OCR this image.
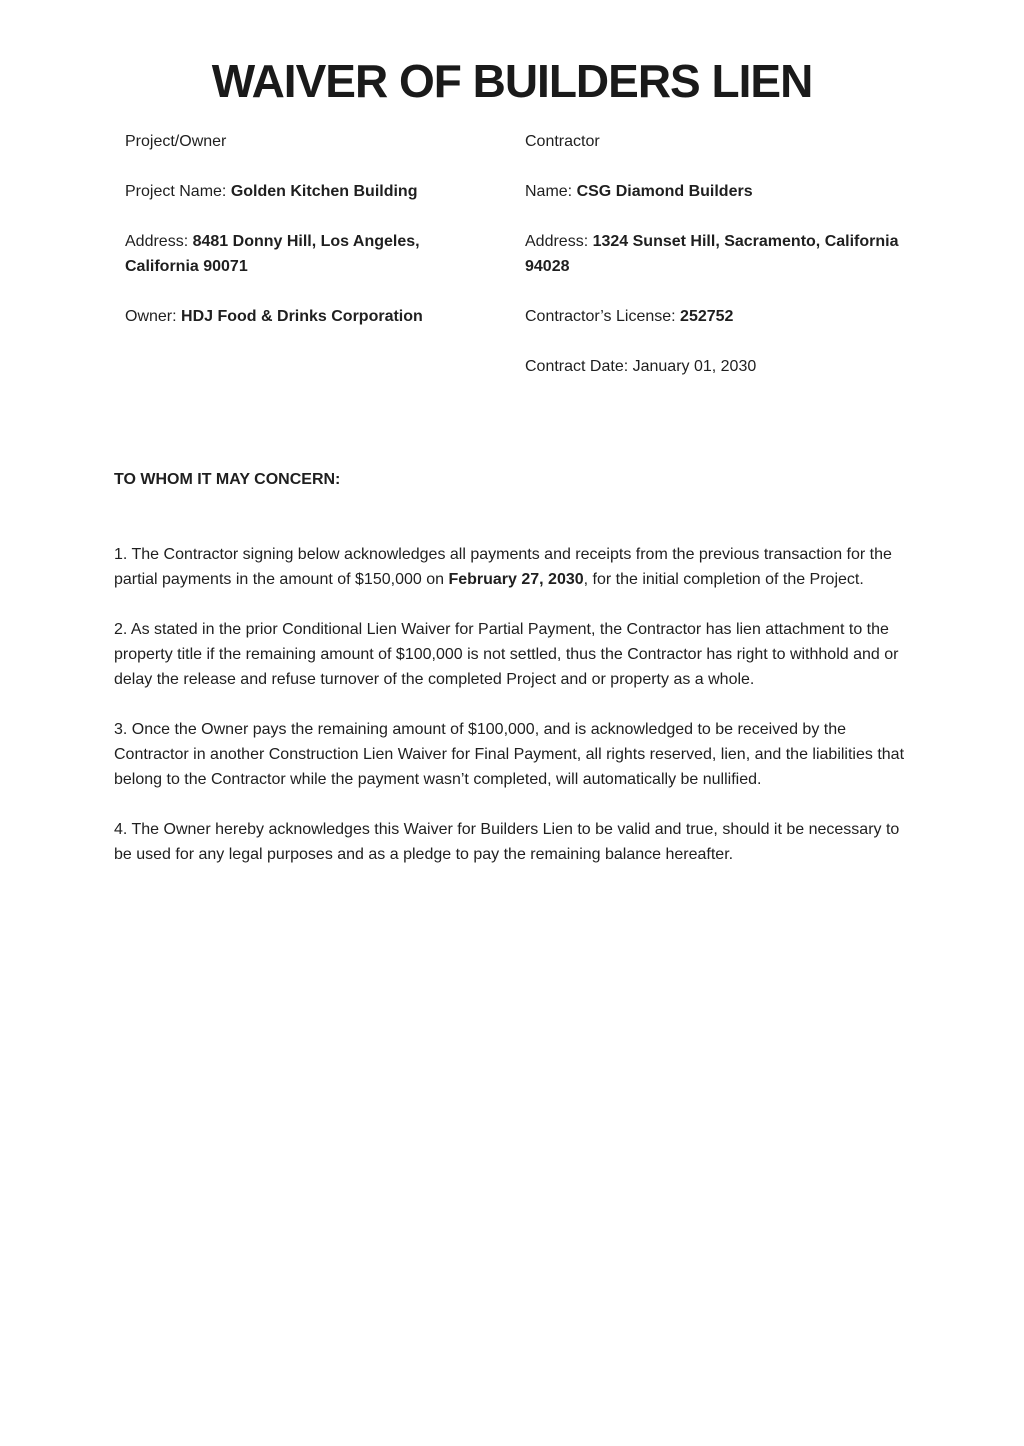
WAIVER OF BUILDERS LIEN

Project/Owner

Project Name: Golden Kitchen Building

Address: 8481 Donny Hill, Los Angeles, California 90071

Owner: HDJ Food & Drinks Corporation

Contractor

Name: CSG Diamond Builders

Address: 1324 Sunset Hill, Sacramento, California 94028

Contractor’s License: 252752

Contract Date: January 01, 2030

TO WHOM IT MAY CONCERN:

1. The Contractor signing below acknowledges all payments and receipts from the previous transaction for the partial payments in the amount of $150,000 on February 27, 2030, for the initial completion of the Project.

2. As stated in the prior Conditional Lien Waiver for Partial Payment, the Contractor has lien attachment to the property title if the remaining amount of $100,000 is not settled, thus the Contractor has right to withhold and or delay the release and refuse turnover of the completed Project and or property as a whole.

3. Once the Owner pays the remaining amount of $100,000, and is acknowledged to be received by the Contractor in another Construction Lien Waiver for Final Payment, all rights reserved, lien, and the liabilities that belong to the Contractor while the payment wasn’t completed, will automatically be nullified.

4. The Owner hereby acknowledges this Waiver for Builders Lien to be valid and true, should it be necessary to be used for any legal purposes and as a pledge to pay the remaining balance hereafter.
